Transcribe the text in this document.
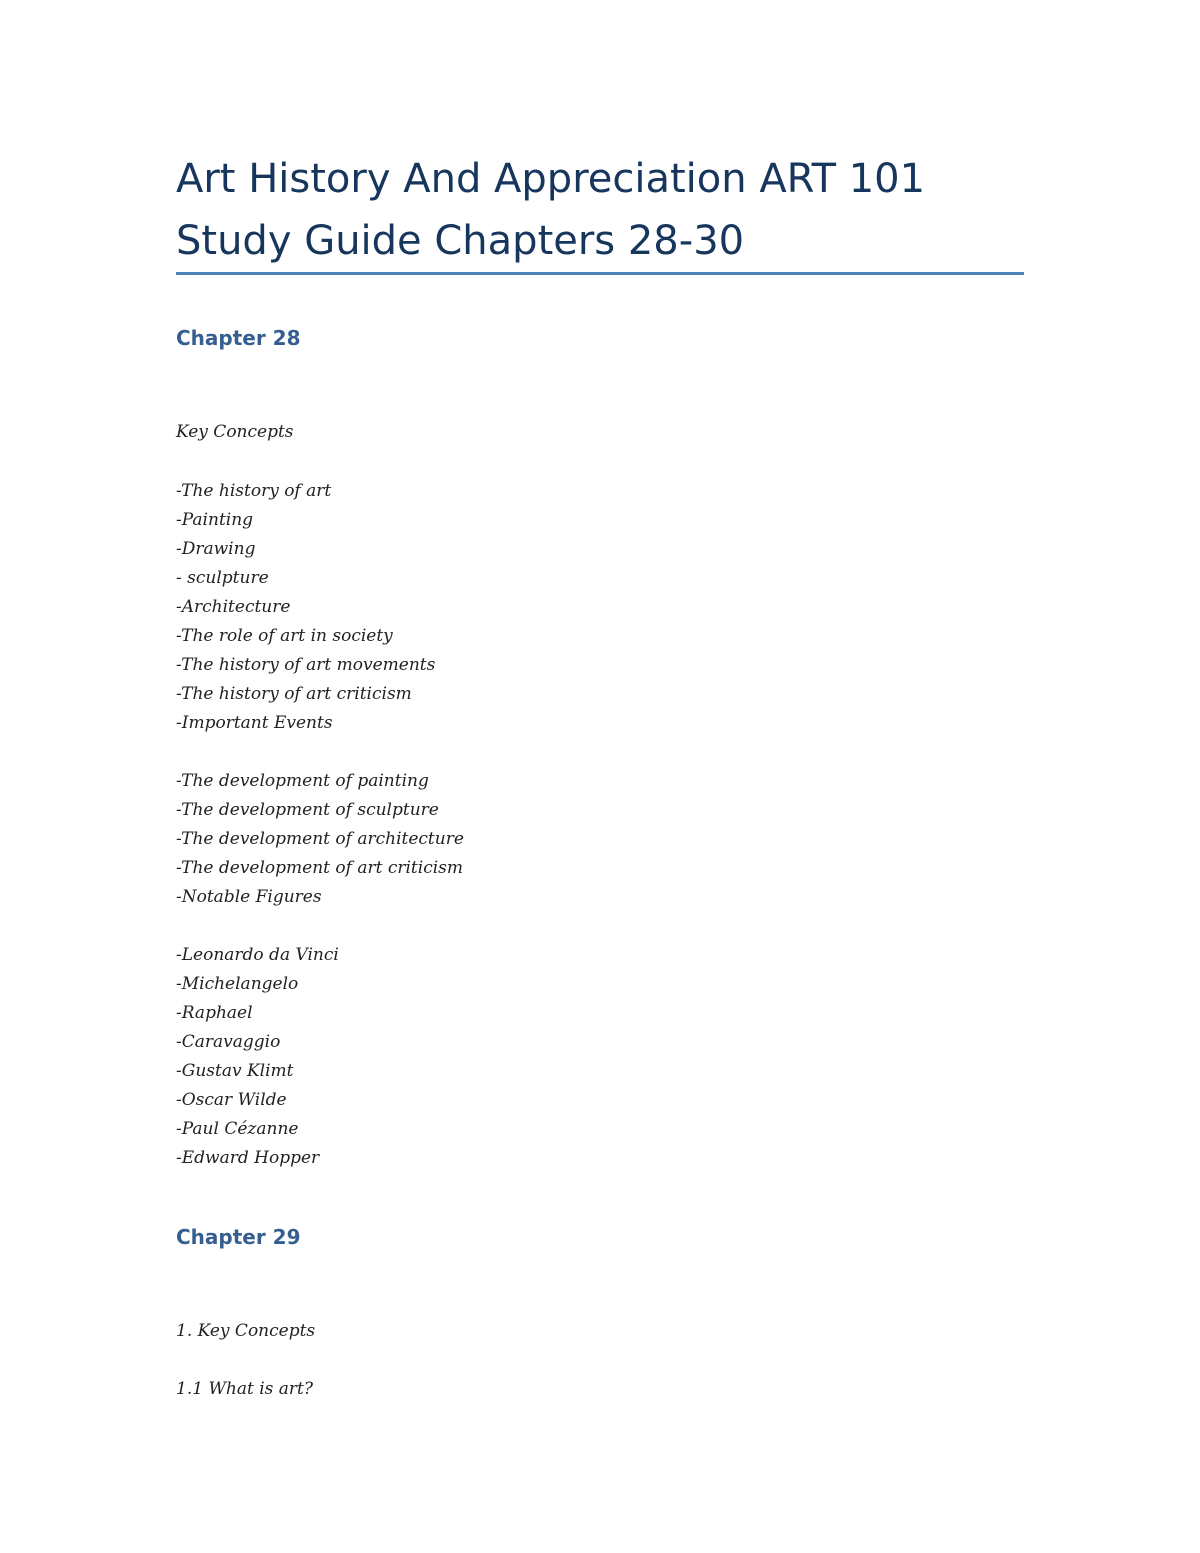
Art History And Appreciation ART 101
Study Guide Chapters 28-30
Chapter 28
Key Concepts
-The history of art
-Painting
-Drawing
- sculpture
-Architecture
-The role of art in society
-The history of art movements
-The history of art criticism
-Important Events
-The development of painting
-The development of sculpture
-The development of architecture
-The development of art criticism
-Notable Figures
-Leonardo da Vinci
-Michelangelo
-Raphael
-Caravaggio
-Gustav Klimt
-Oscar Wilde
-Paul Cézanne
-Edward Hopper
Chapter 29
1. Key Concepts
1.1 What is art?
